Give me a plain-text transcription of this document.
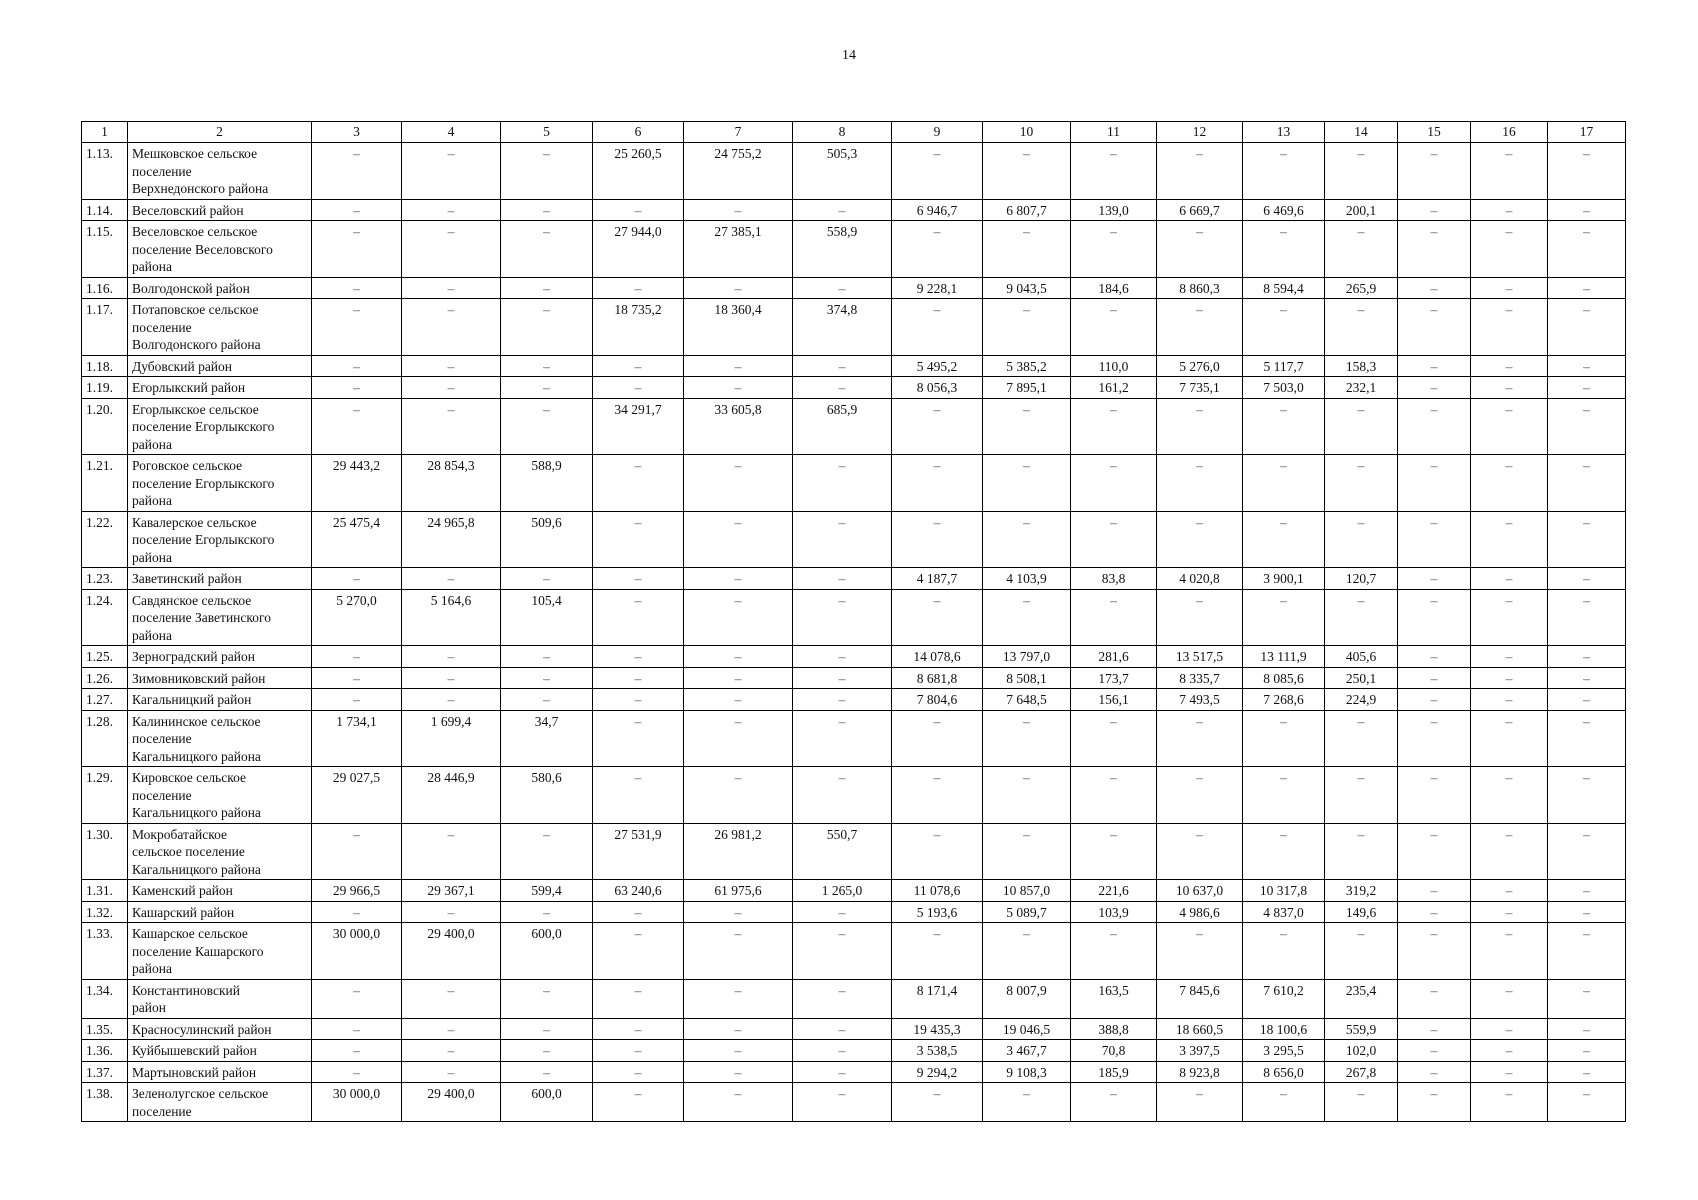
14
1	2	3	4	5	6	7	8	9	10	11	12	13	14	15	16	17
1.13.	Мешковское сельское
поселение
Верхнедонского района	–	–	–	25 260,5	24 755,2	505,3	–	–	–	–	–	–	–	–	–
1.14.	Веселовский район	–	–	–	–	–	–	6 946,7	6 807,7	139,0	6 669,7	6 469,6	200,1	–	–	–
1.15.	Веселовское сельское
поселение Веселовского
района	–	–	–	27 944,0	27 385,1	558,9	–	–	–	–	–	–	–	–	–
1.16.	Волгодонской район	–	–	–	–	–	–	9 228,1	9 043,5	184,6	8 860,3	8 594,4	265,9	–	–	–
1.17.	Потаповское сельское
поселение
Волгодонского района	–	–	–	18 735,2	18 360,4	374,8	–	–	–	–	–	–	–	–	–
1.18.	Дубовский район	–	–	–	–	–	–	5 495,2	5 385,2	110,0	5 276,0	5 117,7	158,3	–	–	–
1.19.	Егорлыкский район	–	–	–	–	–	–	8 056,3	7 895,1	161,2	7 735,1	7 503,0	232,1	–	–	–
1.20.	Егорлыкское сельское
поселение Егорлыкского
района	–	–	–	34 291,7	33 605,8	685,9	–	–	–	–	–	–	–	–	–
1.21.	Роговское сельское
поселение Егорлыкского
района	29 443,2	28 854,3	588,9	–	–	–	–	–	–	–	–	–	–	–	–
1.22.	Кавалерское сельское
поселение Егорлыкского
района	25 475,4	24 965,8	509,6	–	–	–	–	–	–	–	–	–	–	–	–
1.23.	Заветинский район	–	–	–	–	–	–	4 187,7	4 103,9	83,8	4 020,8	3 900,1	120,7	–	–	–
1.24.	Савдянское сельское
поселение Заветинского
района	5 270,0	5 164,6	105,4	–	–	–	–	–	–	–	–	–	–	–	–
1.25.	Зерноградский район	–	–	–	–	–	–	14 078,6	13 797,0	281,6	13 517,5	13 111,9	405,6	–	–	–
1.26.	Зимовниковский район	–	–	–	–	–	–	8 681,8	8 508,1	173,7	8 335,7	8 085,6	250,1	–	–	–
1.27.	Кагальницкий район	–	–	–	–	–	–	7 804,6	7 648,5	156,1	7 493,5	7 268,6	224,9	–	–	–
1.28.	Калининское сельское
поселение
Кагальницкого района	1 734,1	1 699,4	34,7	–	–	–	–	–	–	–	–	–	–	–	–
1.29.	Кировское сельское
поселение
Кагальницкого района	29 027,5	28 446,9	580,6	–	–	–	–	–	–	–	–	–	–	–	–
1.30.	Мокробатайское
сельское поселение
Кагальницкого района	–	–	–	27 531,9	26 981,2	550,7	–	–	–	–	–	–	–	–	–
1.31.	Каменский район	29 966,5	29 367,1	599,4	63 240,6	61 975,6	1 265,0	11 078,6	10 857,0	221,6	10 637,0	10 317,8	319,2	–	–	–
1.32.	Кашарский район	–	–	–	–	–	–	5 193,6	5 089,7	103,9	4 986,6	4 837,0	149,6	–	–	–
1.33.	Кашарское сельское
поселение Кашарского
района	30 000,0	29 400,0	600,0	–	–	–	–	–	–	–	–	–	–	–	–
1.34.	Константиновский
район	–	–	–	–	–	–	8 171,4	8 007,9	163,5	7 845,6	7 610,2	235,4	–	–	–
1.35.	Красносулинский район	–	–	–	–	–	–	19 435,3	19 046,5	388,8	18 660,5	18 100,6	559,9	–	–	–
1.36.	Куйбышевский район	–	–	–	–	–	–	3 538,5	3 467,7	70,8	3 397,5	3 295,5	102,0	–	–	–
1.37.	Мартыновский район	–	–	–	–	–	–	9 294,2	9 108,3	185,9	8 923,8	8 656,0	267,8	–	–	–
1.38.	Зеленолугское сельское
поселение	30 000,0	29 400,0	600,0	–	–	–	–	–	–	–	–	–	–	–	–
